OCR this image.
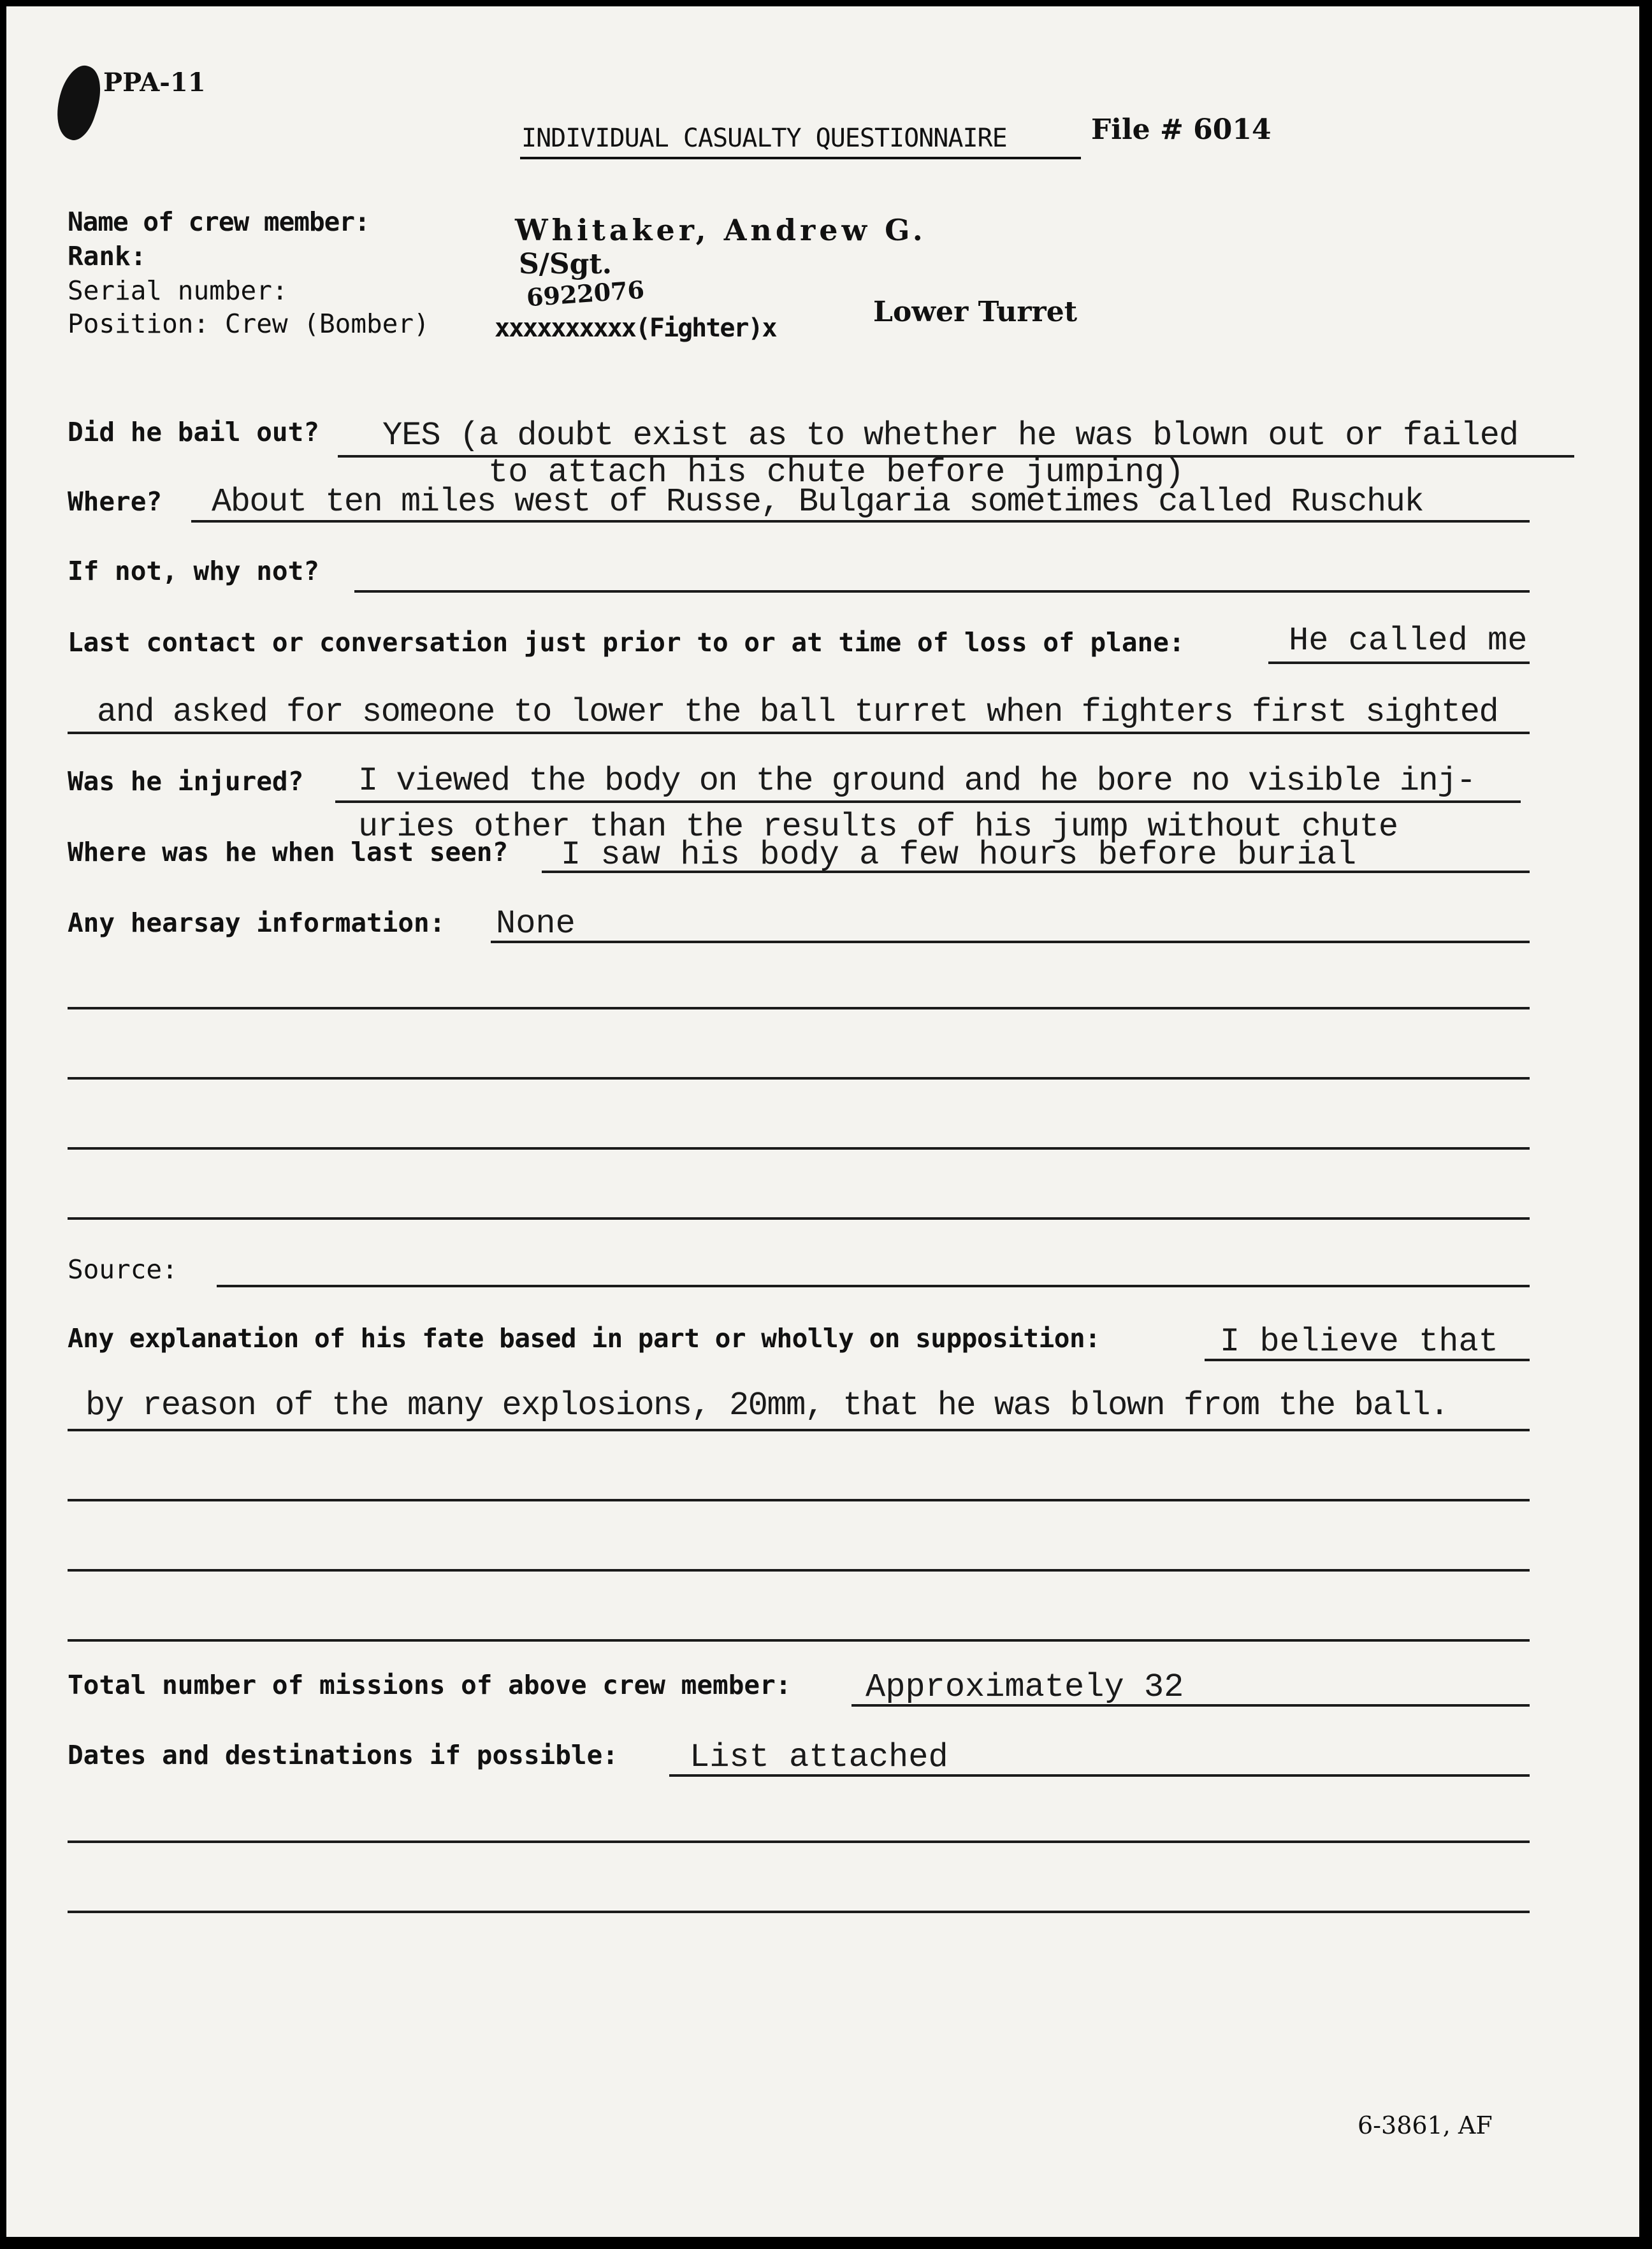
PPA-11
INDIVIDUAL CASUALTY QUESTIONNAIRE	File # 6014
Name of crew member:	Whitaker, Andrew G.
Rank:	S/Sgt.
Serial number:	6922076
Position: Crew (Bomber)	xxxxxxxxxx(Fighter)x	Lower Turret
Did he bail out? YES (a doubt exist as to whether he was blown out or failed
to attach his chute before jumping)
Where? About ten miles west of Russe, Bulgaria sometimes called Ruschuk
If not, why not?
Last contact or conversation just prior to or at time of loss of plane:	He called me
and asked for someone to lower the ball turret when fighters first sighted
Was he injured? I viewed the body on the ground and he bore no visible inj-
uries other than the results of his jump without chute
Where was he when last seen? I saw his body a few hours before burial
Any hearsay information: None
Source:
Any explanation of his fate based in part or wholly on supposition:	I believe that
by reason of the many explosions, 20mm, that he was blown from the ball.
Total number of missions of above crew member: Approximately 32
Dates and destinations if possible: List attached
6-3861, AF
